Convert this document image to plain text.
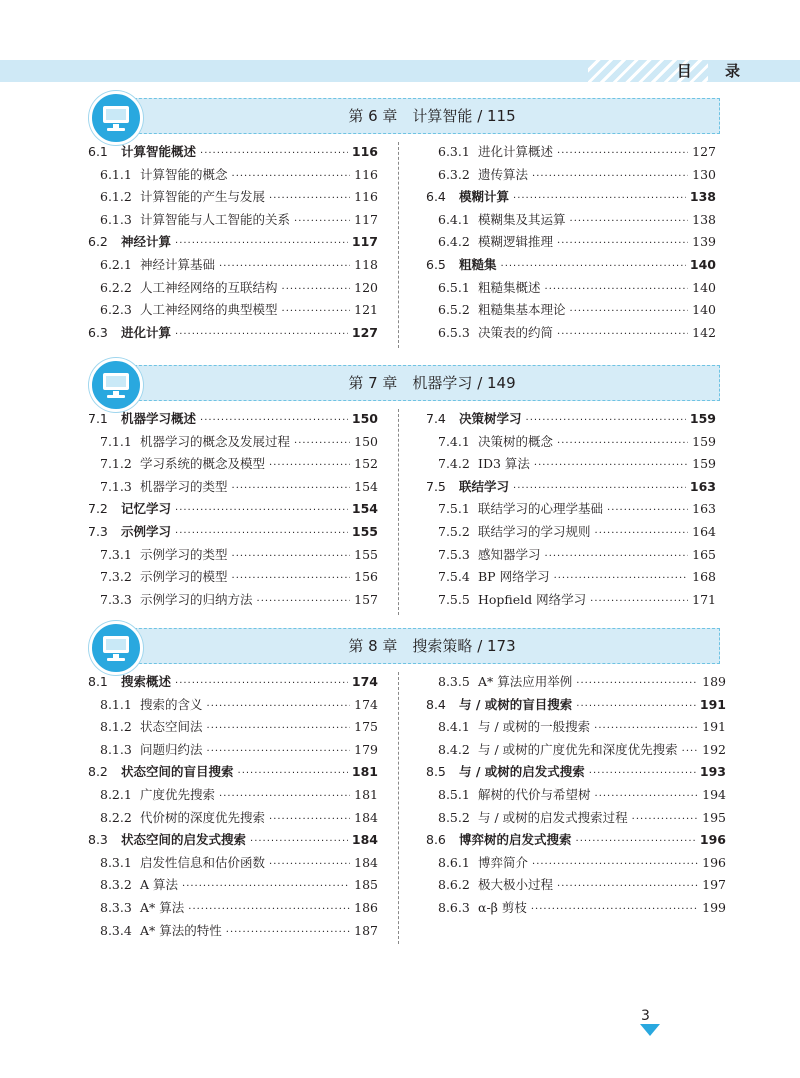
目 录
第 6 章　计算智能 / 115
6.1	计算智能概述 ·····	116
6.1.1 计算智能的概念 ·····	116
6.1.2 计算智能的产生与发展 ·····	116
6.1.3 计算智能与人工智能的关系 ·····	117
6.2	神经计算 ·····	117
6.2.1 神经计算基础 ·····	118
6.2.2 人工神经网络的互联结构 ·····	120
6.2.3 人工神经网络的典型模型 ·····	121
6.3	进化计算 ·····	127
6.3.1 进化计算概述 ·····	127
6.3.2 遗传算法 ·····	130
6.4	模糊计算 ·····	138
6.4.1 模糊集及其运算 ·····	138
6.4.2 模糊逻辑推理 ·····	139
6.5	粗糙集 ·····	140
6.5.1 粗糙集概述 ·····	140
6.5.2 粗糙集基本理论 ·····	140
6.5.3 决策表的约简 ·····	142
第 7 章　机器学习 / 149
7.1	机器学习概述 ·····	150
7.1.1 机器学习的概念及发展过程 ·····	150
7.1.2 学习系统的概念及模型 ·····	152
7.1.3 机器学习的类型 ·····	154
7.2	记忆学习 ·····	154
7.3	示例学习 ·····	155
7.3.1 示例学习的类型 ·····	155
7.3.2 示例学习的模型 ·····	156
7.3.3 示例学习的归纳方法 ·····	157
7.4	决策树学习 ·····	159
7.4.1 决策树的概念 ·····	159
7.4.2 ID3 算法 ·····	159
7.5	联结学习 ·····	163
7.5.1 联结学习的心理学基础 ·····	163
7.5.2 联结学习的学习规则 ·····	164
7.5.3 感知器学习 ·····	165
7.5.4 BP 网络学习 ·····	168
7.5.5 Hopfield 网络学习 ·····	171
第 8 章　搜索策略 / 173
8.1	搜索概述 ·····	174
8.1.1 搜索的含义 ·····	174
8.1.2 状态空间法 ·····	175
8.1.3 问题归约法 ·····	179
8.2	状态空间的盲目搜索 ·····	181
8.2.1 广度优先搜索 ·····	181
8.2.2 代价树的深度优先搜索 ·····	184
8.3	状态空间的启发式搜索 ·····	184
8.3.1 启发性信息和估价函数 ·····	184
8.3.2 A 算法 ·····	185
8.3.3 A* 算法 ·····	186
8.3.4 A* 算法的特性 ·····	187
8.3.5 A* 算法应用举例 ·····	189
8.4	与 / 或树的盲目搜索 ·····	191
8.4.1 与 / 或树的一般搜索 ·····	191
8.4.2 与 / 或树的广度优先和深度优先搜索 ····· 192
8.5	与 / 或树的启发式搜索 ·····	193
8.5.1 解树的代价与希望树 ·····	194
8.5.2 与 / 或树的启发式搜索过程 ·····	195
8.6	博弈树的启发式搜索 ·····	196
8.6.1 博弈简介 ·····	196
8.6.2 极大极小过程 ·····	197
8.6.3 α-β 剪枝 ·····	199
3
